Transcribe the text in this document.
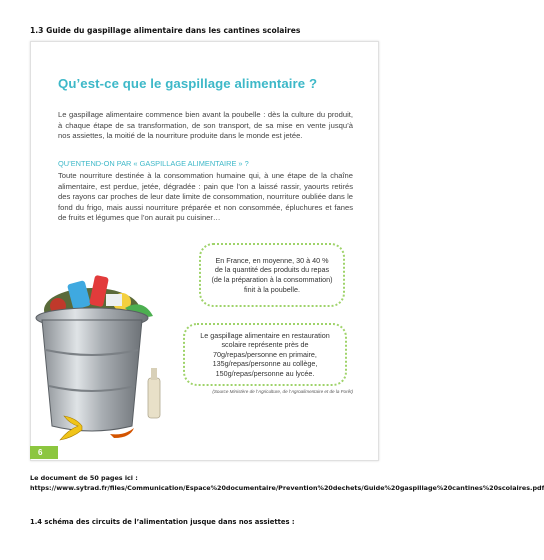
1.3 Guide du gaspillage alimentaire dans les cantines scolaires
Qu’est-ce que le gaspillage alimentaire ?
Le gaspillage alimentaire commence bien avant la poubelle : dès la culture du produit, à chaque étape de sa transformation, de son transport, de sa mise en vente jusqu’à nos assiettes, la moitié de la nourriture produite dans le monde est jetée.
QU’ENTEND-ON PAR « GASPILLAGE ALIMENTAIRE » ?
Toute nourriture destinée à la consommation humaine qui, à une étape de la chaîne alimentaire, est perdue, jetée, dégradée : pain que l’on a laissé rassir, yaourts retirés des rayons car proches de leur date limite de consommation, nourriture oubliée dans le fond du frigo, mais aussi nourriture préparée et non consommée, épluchures et fanes de fruits et légumes que l’on aurait pu cuisiner…
En France, en moyenne, 30 à 40 % de la quantité des produits du repas (de la préparation à la consommation) finit à la poubelle.
Le gaspillage alimentaire en restauration scolaire représente près de 70g/repas/personne en primaire, 135g/repas/personne au collège, 150g/repas/personne au lycée.
(Source Ministère de l’Agriculture, de l’Agroalimentaire et de la Forêt)
6
Le document de 50 pages ici :
https://www.sytrad.fr/files/Communication/Espace%20documentaire/Prevention%20dechets/Guide%20gaspillage%20cantines%20scolaires.pdf
1.4 schéma des circuits de l’alimentation jusque dans nos assiettes :
